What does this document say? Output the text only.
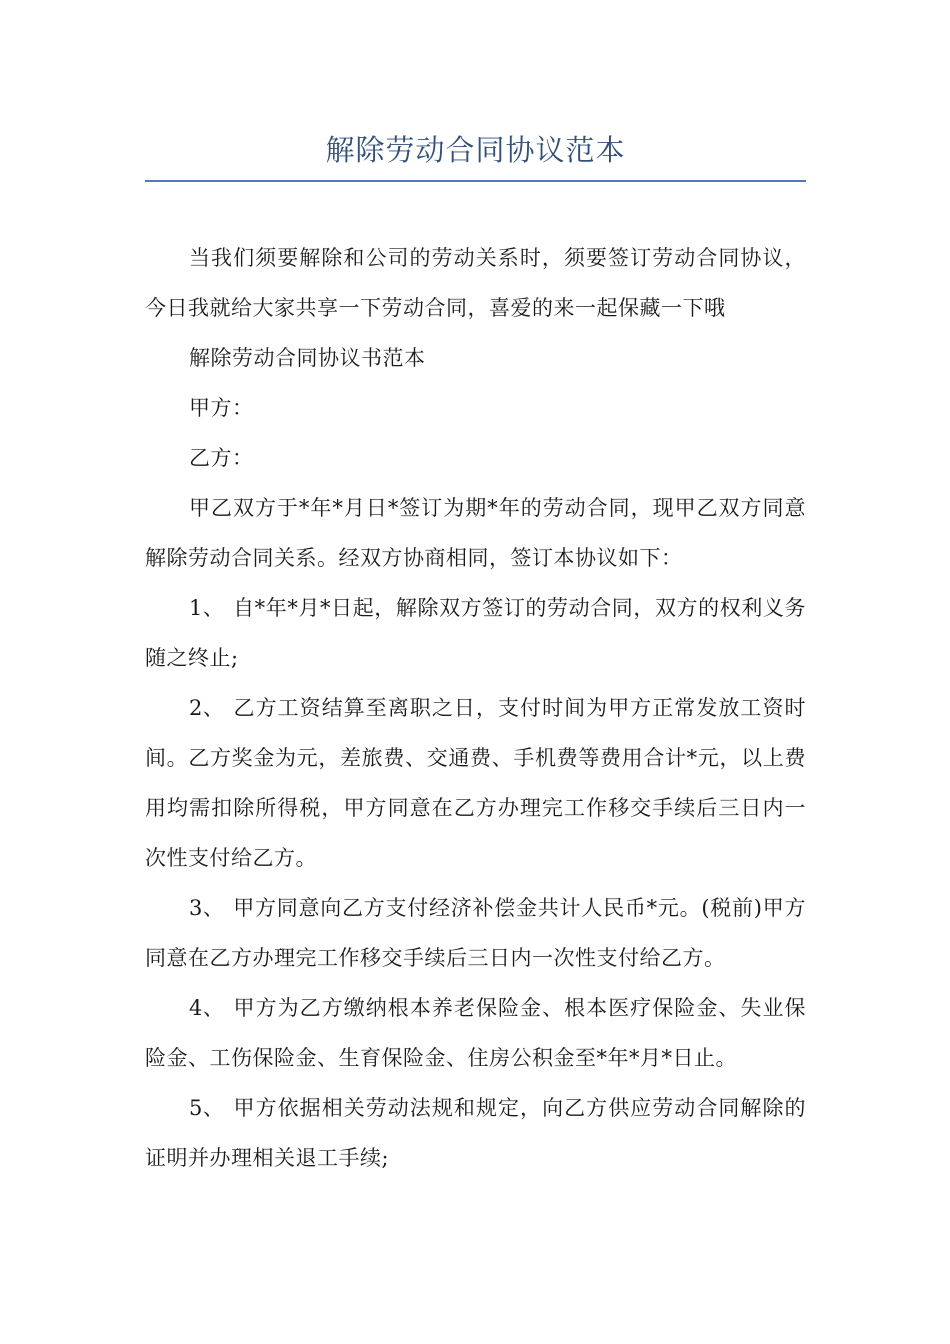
解除劳动合同协议范本

当我们须要解除和公司的劳动关系时，须要签订劳动合同协议，今日我就给大家共享一下劳动合同，喜爱的来一起保藏一下哦

解除劳动合同协议书范本

甲方：

乙方：

甲乙双方于*年*月日*签订为期*年的劳动合同，现甲乙双方同意解除劳动合同关系。经双方协商相同，签订本协议如下：

1、 自*年*月*日起，解除双方签订的劳动合同，双方的权利义务随之终止;

2、 乙方工资结算至离职之日，支付时间为甲方正常发放工资时间。乙方奖金为元，差旅费、交通费、手机费等费用合计*元，以上费用均需扣除所得税，甲方同意在乙方办理完工作移交手续后三日内一次性支付给乙方。

3、 甲方同意向乙方支付经济补偿金共计人民币*元。(税前)甲方同意在乙方办理完工作移交手续后三日内一次性支付给乙方。

4、 甲方为乙方缴纳根本养老保险金、根本医疗保险金、失业保险金、工伤保险金、生育保险金、住房公积金至*年*月*日止。

5、 甲方依据相关劳动法规和规定，向乙方供应劳动合同解除的证明并办理相关退工手续;
